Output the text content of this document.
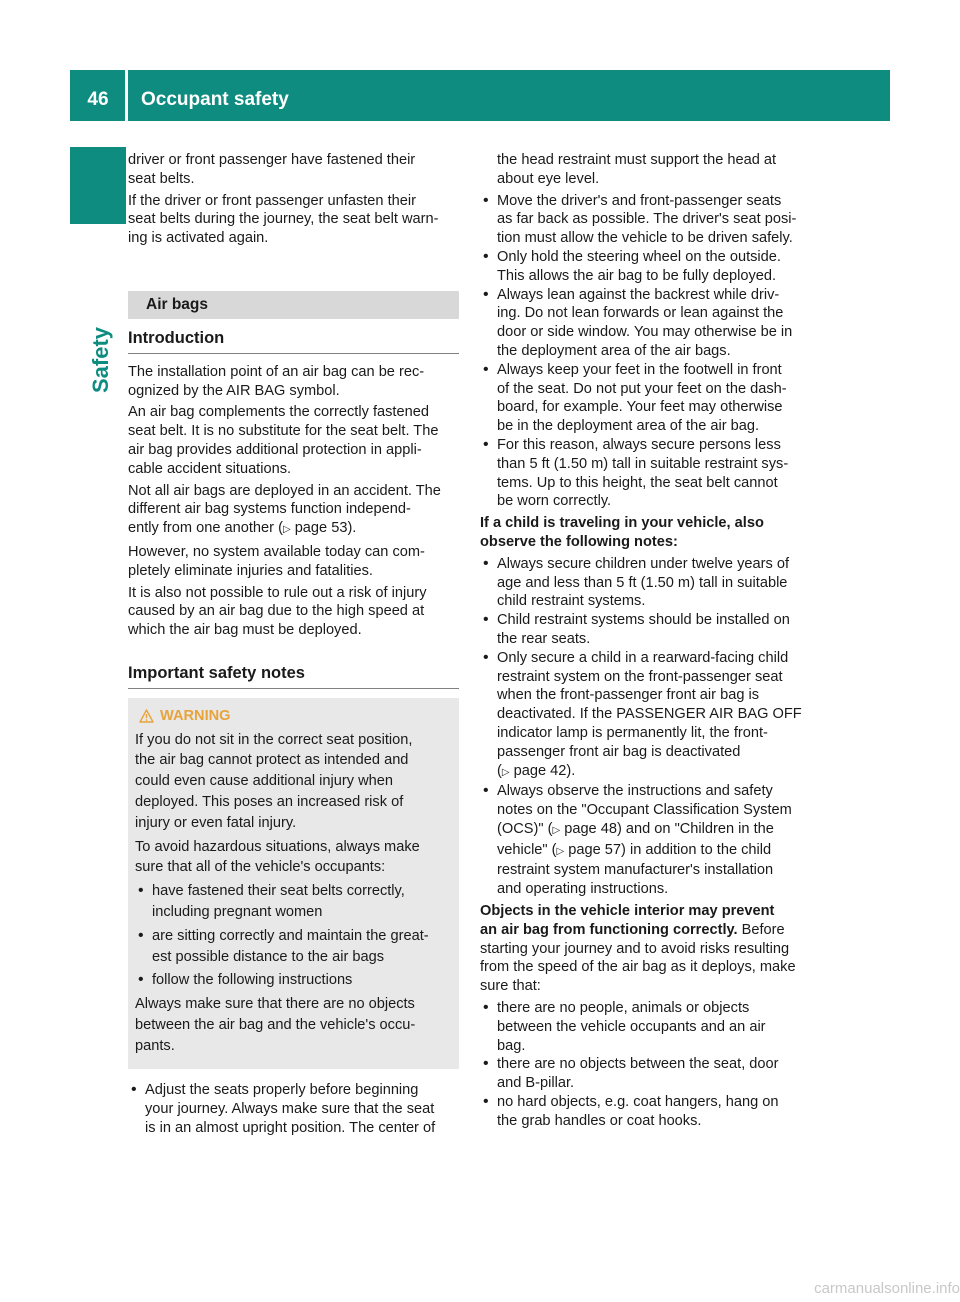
46	Occupant safety
Safety

driver or front passenger have fastened their
seat belts.

If the driver or front passenger unfasten their
seat belts during the journey, the seat belt warn-
ing is activated again.

Air bags
Introduction

The installation point of an air bag can be rec-
ognized by the AIR BAG symbol.

An air bag complements the correctly fastened
seat belt. It is no substitute for the seat belt. The
air bag provides additional protection in appli-
cable accident situations.

Not all air bags are deployed in an accident. The
different air bag systems function independ-
ently from one another (▷ page 53).

However, no system available today can com-
pletely eliminate injuries and fatalities.

It is also not possible to rule out a risk of injury
caused by an air bag due to the high speed at
which the air bag must be deployed.

Important safety notes
WARNING

If you do not sit in the correct seat position,
the air bag cannot protect as intended and
could even cause additional injury when
deployed. This poses an increased risk of
injury or even fatal injury.

To avoid hazardous situations, always make
sure that all of the vehicle's occupants:

• have fastened their seat belts correctly,
including pregnant women
• are sitting correctly and maintain the great-
est possible distance to the air bags
• follow the following instructions

Always make sure that there are no objects
between the air bag and the vehicle's occu-
pants.

• Adjust the seats properly before beginning
your journey. Always make sure that the seat
is in an almost upright position. The center of

the head restraint must support the head at
about eye level.

• Move the driver's and front-passenger seats
as far back as possible. The driver's seat posi-
tion must allow the vehicle to be driven safely.
• Only hold the steering wheel on the outside.
This allows the air bag to be fully deployed.
• Always lean against the backrest while driv-
ing. Do not lean forwards or lean against the
door or side window. You may otherwise be in
the deployment area of the air bags.
• Always keep your feet in the footwell in front
of the seat. Do not put your feet on the dash-
board, for example. Your feet may otherwise
be in the deployment area of the air bag.
• For this reason, always secure persons less
than 5 ft (1.50 m) tall in suitable restraint sys-
tems. Up to this height, the seat belt cannot
be worn correctly.

If a child is traveling in your vehicle, also
observe the following notes:

• Always secure children under twelve years of
age and less than 5 ft (1.50 m) tall in suitable
child restraint systems.
• Child restraint systems should be installed on
the rear seats.
• Only secure a child in a rearward-facing child
restraint system on the front-passenger seat
when the front-passenger front air bag is
deactivated. If the PASSENGER AIR BAG OFF
indicator lamp is permanently lit, the front-
passenger front air bag is deactivated
(▷ page 42).
• Always observe the instructions and safety
notes on the "Occupant Classification System
(OCS)" (▷ page 48) and on "Children in the
vehicle" (▷ page 57) in addition to the child
restraint system manufacturer's installation
and operating instructions.

Objects in the vehicle interior may prevent
an air bag from functioning correctly. Before
starting your journey and to avoid risks resulting
from the speed of the air bag as it deploys, make
sure that:

• there are no people, animals or objects
between the vehicle occupants and an air
bag.
• there are no objects between the seat, door
and B-pillar.
• no hard objects, e.g. coat hangers, hang on
the grab handles or coat hooks.
carmanualsonline.info
